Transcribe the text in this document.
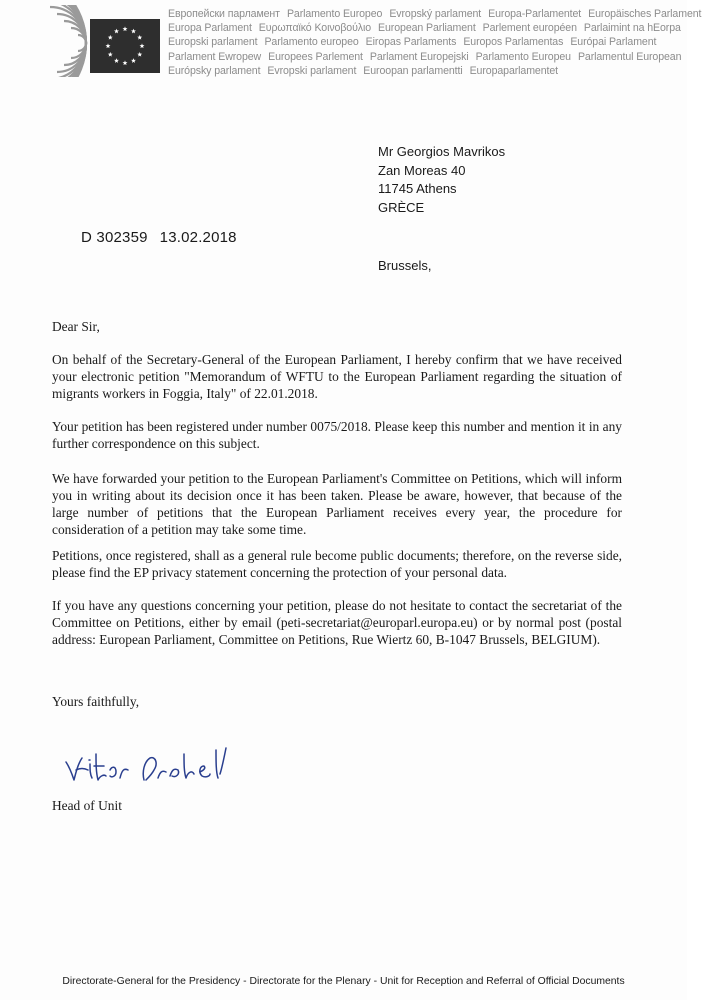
Европейски парламент Parlamento Europeo Evropský parlament Europa-Parlamentet Europäisches Parlament
Europa Parlament Ευρωπαϊκό Κοινοβούλιο European Parliament Parlement européen Parlaimint na hEorpa
Europski parlament Parlamento europeo Eiropas Parlaments Europos Parlamentas Európai Parlament
Parlament Ewropew Europees Parlement Parlament Europejski Parlamento Europeu Parlamentul European
Európsky parlament Evropski parlament Euroopan parlamentti Europaparlamentet
Mr Georgios Mavrikos
Zan Moreas 40
11745 Athens
GRÈCE
D 302359 13.02.2018
Brussels,
Dear Sir,
On behalf of the Secretary-General of the European Parliament, I hereby confirm that we have received your electronic petition "Memorandum of WFTU to the European Parliament regarding the situation of migrants workers in Foggia, Italy" of 22.01.2018.
Your petition has been registered under number 0075/2018. Please keep this number and mention it in any further correspondence on this subject.
We have forwarded your petition to the European Parliament's Committee on Petitions, which will inform you in writing about its decision once it has been taken. Please be aware, however, that because of the large number of petitions that the European Parliament receives every year, the procedure for consideration of a petition may take some time.
Petitions, once registered, shall as a general rule become public documents; therefore, on the reverse side, please find the EP privacy statement concerning the protection of your personal data.
If you have any questions concerning your petition, please do not hesitate to contact the secretariat of the Committee on Petitions, either by email (peti-secretariat@europarl.europa.eu) or by normal post (postal address: European Parliament, Committee on Petitions, Rue Wiertz 60, B-1047 Brussels, BELGIUM).
Yours faithfully,
Head of Unit
Directorate-General for the Presidency - Directorate for the Plenary - Unit for Reception and Referral of Official Documents
